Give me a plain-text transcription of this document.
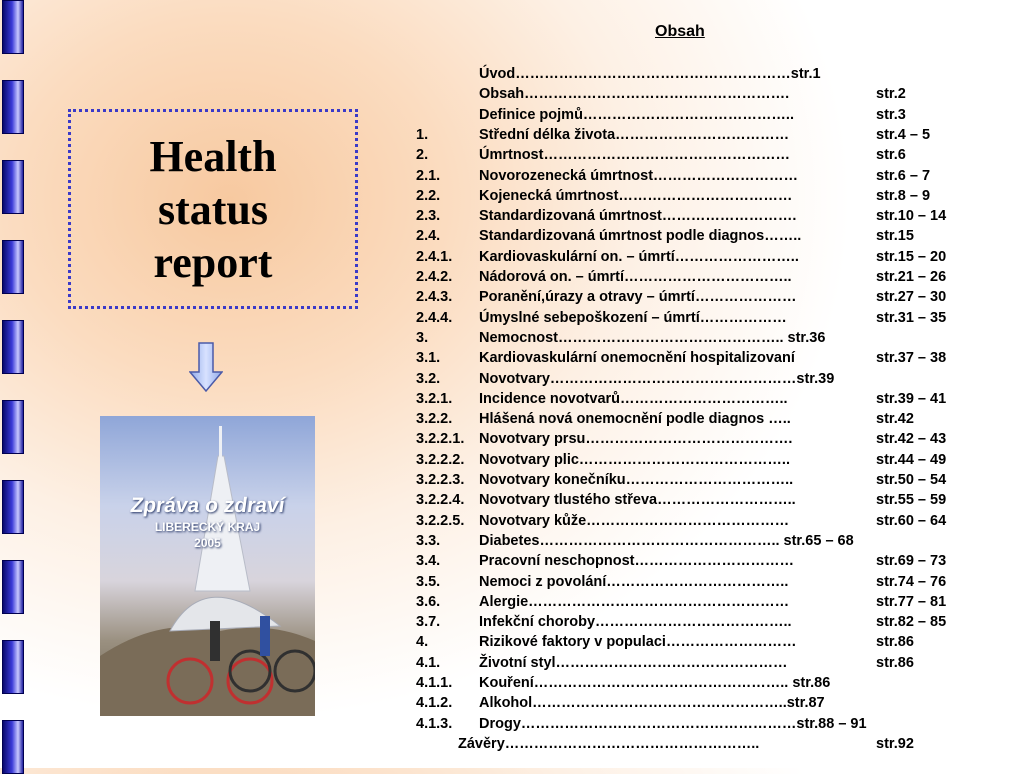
Health
status
report
Zpráva o zdraví
LIBERECKÝ KRAJ
2005
Obsah
Úvod…………………………………………………str.1
Obsah……………………………………………….	str.2
Definice pojmů……………………………………..	str.3
1.	Střední délka života………………………………	str.4 – 5
2.	Úmrtnost……………………………………………	str.6
2.1.	Novorozenecká úmrtnost…………………………	str.6 – 7
2.2.	Kojenecká úmrtnost………………………………	str.8 – 9
2.3.	Standardizovaná úmrtnost……………………….	str.10 – 14
2.4.	Standardizovaná úmrtnost podle diagnos……..	str.15
2.4.1. Kardiovaskulární on. – úmrtí……………………..	str.15 – 20
2.4.2. Nádorová on. – úmrtí……………………………..	str.21 – 26
2.4.3. Poranění,úrazy a otravy – úmrtí…………………	str.27 – 30
2.4.4. Úmyslné sebepoškození – úmrtí………………	str.31 – 35
3.	Nemocnost……………………………………….. str.36
3.1.	Kardiovaskulární onemocnění hospitalizovaní	str.37 – 38
3.2.	Novotvary……………………………………………str.39
3.2.1. Incidence novotvarů……………………………..	str.39 – 41
3.2.2. Hlášená nová onemocnění podle diagnos …..	str.42
3.2.2.1. Novotvary prsu…………………………………….	str.42 – 43
3.2.2.2. Novotvary plic……………………………………..	str.44 – 49
3.2.2.3. Novotvary konečníku……………………………..	str.50 – 54
3.2.2.4. Novotvary tlustého střeva………………………..	str.55 – 59
3.2.2.5. Novotvary kůže……………………………………	str.60 – 64
3.3.	Diabetes………………………………………….. str.65 – 68
3.4.	Pracovní neschopnost……………………………	str.69 – 73
3.5.	Nemoci z povolání………………………………..	str.74 – 76
3.6.	Alergie………………………………………………	str.77 – 81
3.7.	Infekční choroby…………………………………..	str.82 – 85
4.	Rizikové faktory v populaci………………………	str.86
4.1.	Životní styl…………………………………………	str.86
4.1.1. Kouření…………………………………………….. str.86
4.1.2. Alkohol……………………………………………..str.87
4.1.3. Drogy…………………………………………………str.88 – 91
Závěry……………………………………………..	str.92
